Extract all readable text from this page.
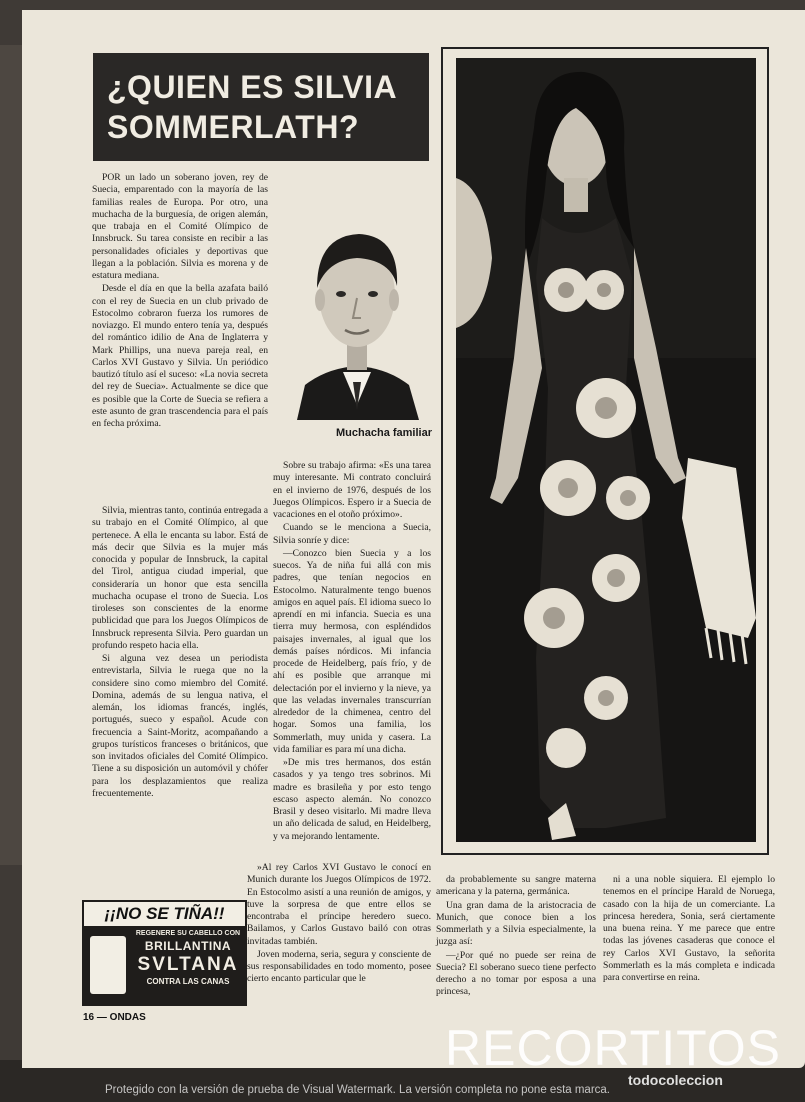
¿QUIEN ES SILVIA SOMMERLATH?
Muchacha familiar

POR un lado un soberano joven, rey de Suecia, emparentado con la mayoría de las familias reales de Europa. Por otro, una muchacha de la burguesía, de origen alemán, que trabaja en el Comité Olímpico de Innsbruck. Su tarea consiste en recibir a las personalidades oficiales y deportivas que llegan a la población. Silvia es morena y de estatura mediana.

Desde el día en que la bella azafata bailó con el rey de Suecia en un club privado de Estocolmo cobraron fuerza los rumores de noviazgo. El mundo entero tenía ya, después del romántico idilio de Ana de Inglaterra y Mark Phillips, una nueva pareja real, en Carlos XVI Gustavo y Silvia. Un periódico bautizó título así el suceso: «La novia secreta del rey de Suecia». Actualmente se dice que es posible que la Corte de Suecia se refiera a este asunto de gran trascendencia para el país en fecha próxima.

Silvia, mientras tanto, continúa entregada a su trabajo en el Comité Olímpico, al que pertenece. A ella le encanta su labor. Está de más decir que Silvia es la mujer más conocida y popular de Innsbruck, la capital del Tirol, antigua ciudad imperial, que consideraría un honor que esta sencilla muchacha ocupase el trono de Suecia. Los tiroleses son conscientes de la enorme publicidad que para los Juegos Olímpicos de Innsbruck representa Silvia. Pero guardan un profundo respeto hacia ella.

Si alguna vez desea un periodista entrevistarla, Silvia le ruega que no la considere sino como miembro del Comité. Domina, además de su lengua nativa, el alemán, los idiomas francés, inglés, portugués, sueco y español. Acude con frecuencia a Saint-Moritz, acompañando a grupos turísticos franceses o británicos, que son invitados oficiales del Comité Olímpico. Tiene a su disposición un automóvil y chófer para los desplazamientos que realiza frecuentemente.

Sobre su trabajo afirma: «Es una tarea muy interesante. Mi contrato concluirá en el invierno de 1976, después de los Juegos Olímpicos. Espero ir a Suecia de vacaciones en el otoño próximo».

Cuando se le menciona a Suecia, Silvia sonríe y dice:

—Conozco bien Suecia y a los suecos. Ya de niña fui allá con mis padres, que tenían negocios en Estocolmo. Naturalmente tengo buenos amigos en aquel país. El idioma sueco lo aprendí en mi infancia. Suecia es una tierra muy hermosa, con espléndidos paisajes invernales, al igual que los demás países nórdicos. Mi infancia procede de Heidelberg, país frío, y de ahí es posible que arranque mi delectación por el invierno y la nieve, ya que las veladas invernales transcurrían alrededor de la chimenea, centro del hogar. Somos una familia, los Sommerlath, muy unida y casera. La vida familiar es para mí una dicha.

»De mis tres hermanos, dos están casados y ya tengo tres sobrinos. Mi madre es brasileña y por esto tengo escaso aspecto alemán. No conozco Brasil y deseo visitarlo. Mi madre lleva un año delicada de salud, en Heidelberg, y va mejorando lentamente.

»Al rey Carlos XVI Gustavo le conocí en Munich durante los Juegos Olímpicos de 1972. En Estocolmo asistí a una reunión de amigos, y tuve la sorpresa de que entre ellos se encontraba el príncipe heredero sueco. Bailamos, y Carlos Gustavo bailó con otras invitadas también.

Joven moderna, seria, segura y consciente de sus responsabilidades en todo momento, posee cierto encanto particular que le

da probablemente su sangre materna americana y la paterna, germánica.

Una gran dama de la aristocracia de Munich, que conoce bien a los Sommerlath y a Silvia especialmente, la juzga así:

—¿Por qué no puede ser reina de Suecia? El soberano sueco tiene perfecto derecho a no tomar por esposa a una princesa,

ni a una noble siquiera. El ejemplo lo tenemos en el príncipe Harald de Noruega, casado con la hija de un comerciante. La princesa heredera, Sonia, será ciertamente una buena reina. Y me parece que entre todas las jóvenes casaderas que conoce el rey Carlos XVI Gustavo, la señorita Sommerlath es la más completa e indicada para convertirse en reina.

¡¡NO SE TIÑA!!
REGENERE SU CABELLO CON
BRILLANTINA
SVLTANA
CONTRA LAS CANAS
16 — ONDAS
RECORTITOS
todocoleccion
Protegido con la versión de prueba de Visual Watermark. La versión completa no pone esta marca.
